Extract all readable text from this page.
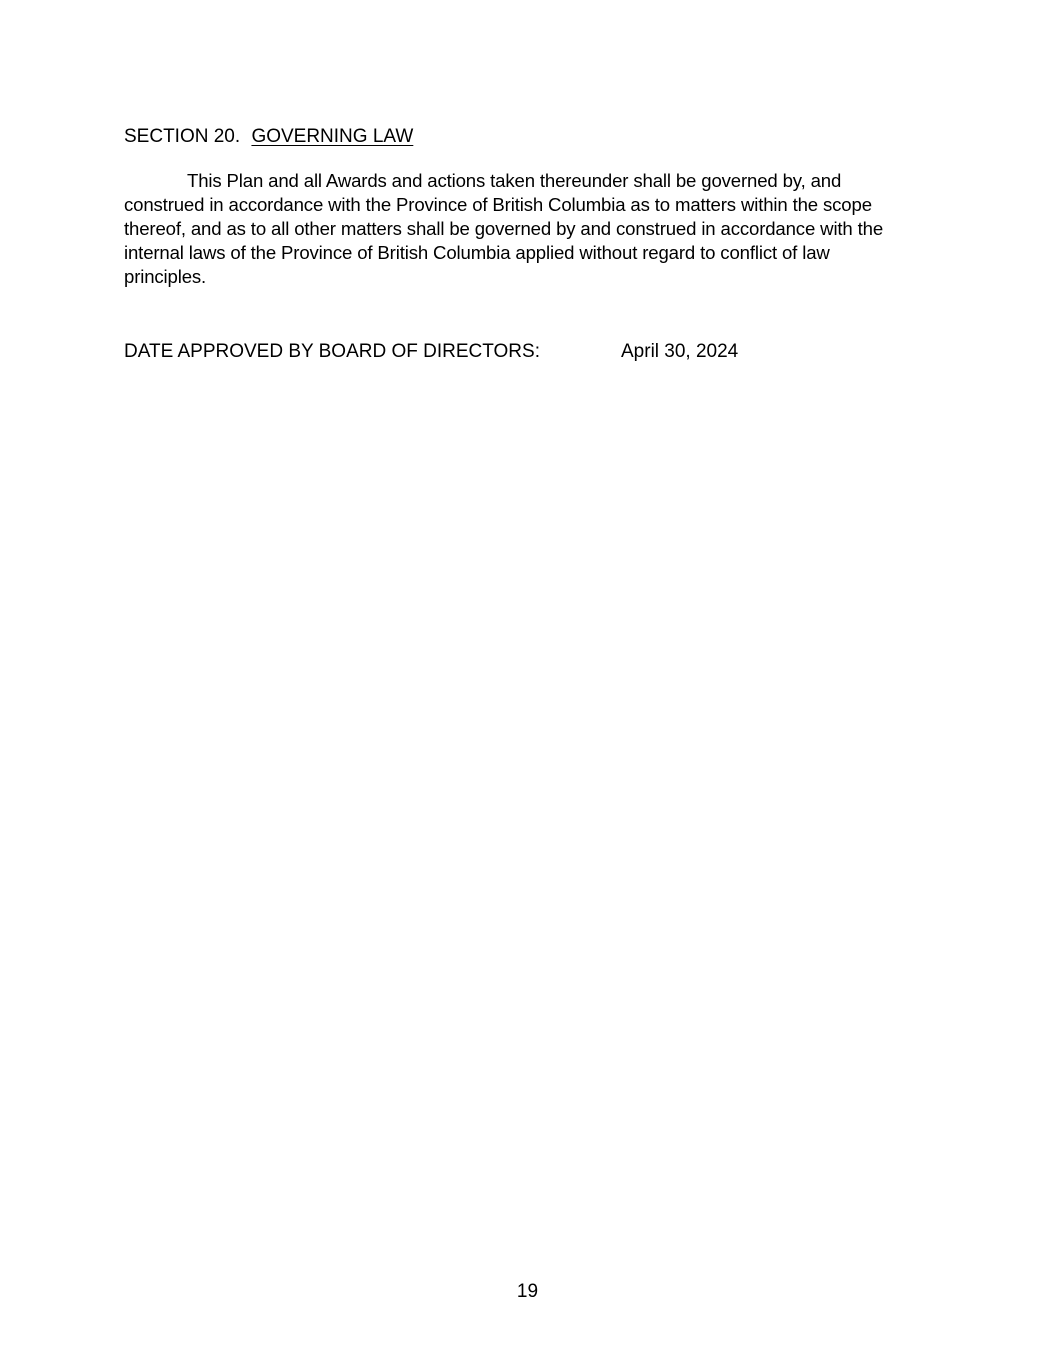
SECTION 20. GOVERNING LAW

This Plan and all Awards and actions taken thereunder shall be governed by, and construed in accordance with the Province of British Columbia as to matters within the scope thereof, and as to all other matters shall be governed by and construed in accordance with the internal laws of the Province of British Columbia applied without regard to conflict of law principles.

DATE APPROVED BY BOARD OF DIRECTORS:	April 30, 2024
19
